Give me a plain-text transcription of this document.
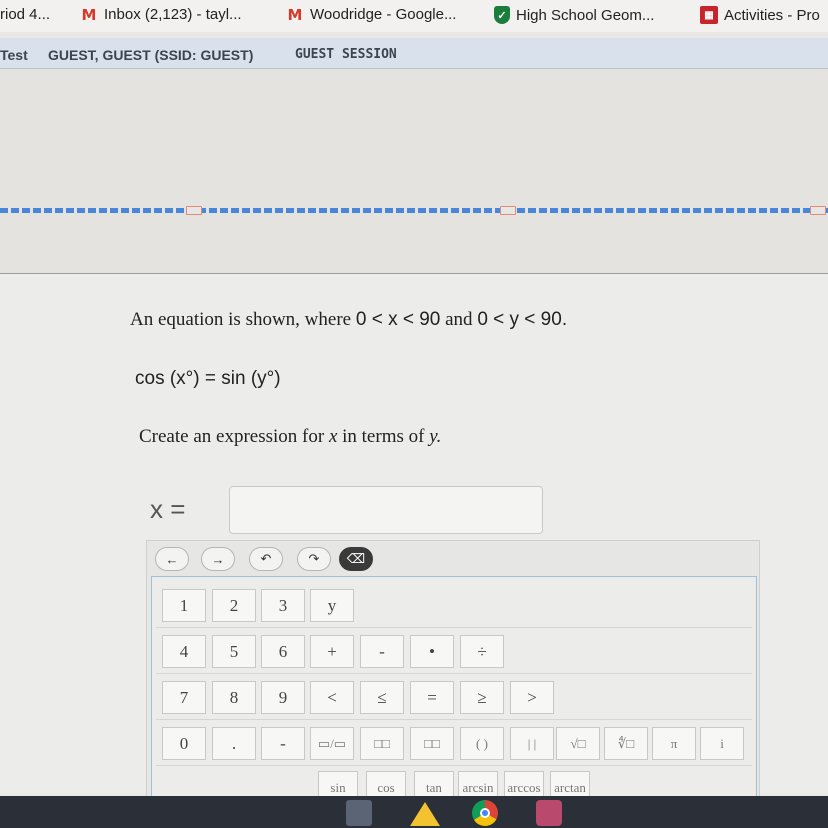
riod 4... M Inbox (2,123) - tayl...	M Woodridge - Google...	✓ High School Geom...	▦ Activities - Pro
Test GUEST, GUEST (SSID: GUEST)	GUEST SESSION
An equation is shown, where 0 < x < 90 and 0 < y < 90.
cos (x°) = sin (y°)
Create an expression for x in terms of y.
x =
←	→	↶	↷	⌫
1	2	3	y
4	5	6	+	-	•	÷
7	8	9	<	≤	=	≥	>
0	.	-	▭/▭	□□	□□	( )	| |	√□	∜□	π	i
sin	cos	tan	arcsin	arccos	arctan
